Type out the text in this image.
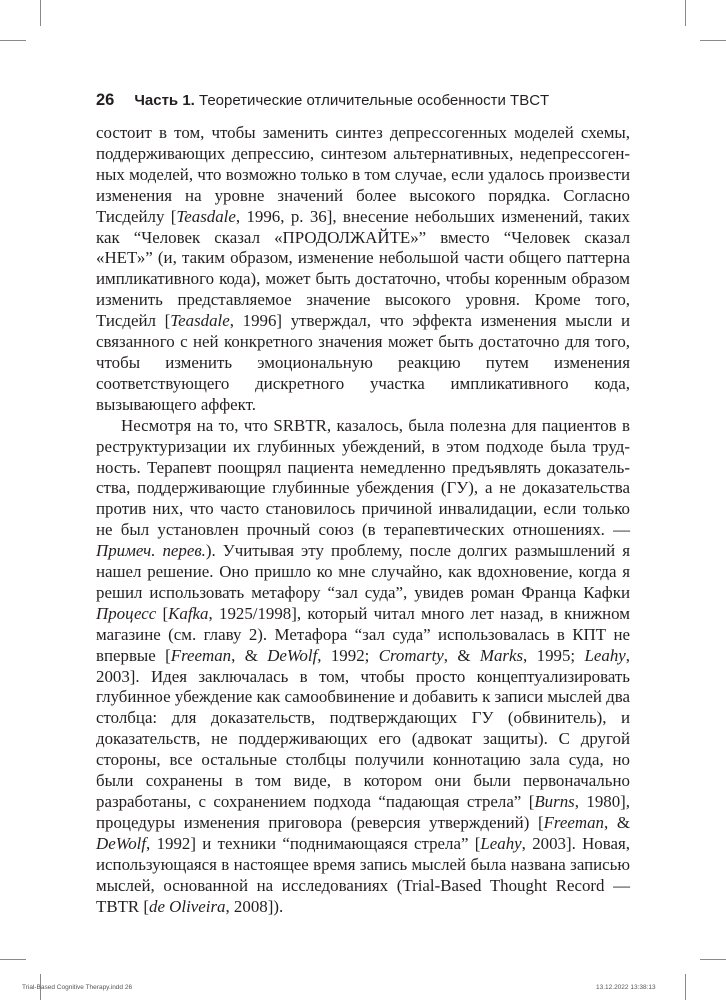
26 Часть 1. Теоретические отличительные особенности TBCT

состоит в том, чтобы заменить синтез депрессогенных моделей схемы, поддерживающих депрессию, синтезом альтернативных, недепрессогенных моделей, что возможно только в том случае, если удалось произвести изменения на уровне значений более высокого порядка. Согласно Тисдейлу [Teasdale, 1996, p. 36], внесение небольших изменений, таких как “Человек сказал «ПРОДОЛЖАЙТЕ»” вместо “Человек сказал «НЕТ»” (и, таким образом, изменение небольшой части общего паттерна импликативного кода), может быть достаточно, чтобы коренным образом изменить представляемое значение высокого уровня. Кроме того, Тисдейл [Teasdale, 1996] утверждал, что эффекта изменения мысли и связанного с ней конкретного значения может быть достаточно для того, чтобы изменить эмоциональную реакцию путем изменения соответствующего дискретного участка импликативного кода, вызывающего аффект.

Несмотря на то, что SRBTR, казалось, была полезна для пациентов в реструктуризации их глубинных убеждений, в этом подходе была трудность. Терапевт поощрял пациента немедленно предъявлять доказательства, поддерживающие глубинные убеждения (ГУ), а не доказательства против них, что часто становилось причиной инвалидации, если только не был установлен прочный союз (в терапевтических отношениях. — Примеч. перев.). Учитывая эту проблему, после долгих размышлений я нашел решение. Оно пришло ко мне случайно, как вдохновение, когда я решил использовать метафору “зал суда”, увидев роман Франца Кафки Процесс [Kafka, 1925/1998], который читал много лет назад, в книжном магазине (см. главу 2). Метафора “зал суда” использовалась в КПТ не впервые [Freeman, & DeWolf, 1992; Cromarty, & Marks, 1995; Leahy, 2003]. Идея заключалась в том, чтобы просто концептуализировать глубинное убеждение как самообвинение и добавить к записи мыслей два столбца: для доказательств, подтверждающих ГУ (обвинитель), и доказательств, не поддерживающих его (адвокат защиты). С другой стороны, все остальные столбцы получили коннотацию зала суда, но были сохранены в том виде, в котором они были первоначально разработаны, с сохранением подхода “падающая стрела” [Burns, 1980], процедуры изменения приговора (реверсия утверждений) [Freeman, & DeWolf, 1992] и техники “поднимающаяся стрела” [Leahy, 2003]. Новая, использующаяся в настоящее время запись мыслей была названа записью мыслей, основанной на исследованиях (Trial-Based Thought Record — TBTR [de Oliveira, 2008]).

Trial-Based Cognitive Therapy.indd 26	13.12.2022 13:38:13
